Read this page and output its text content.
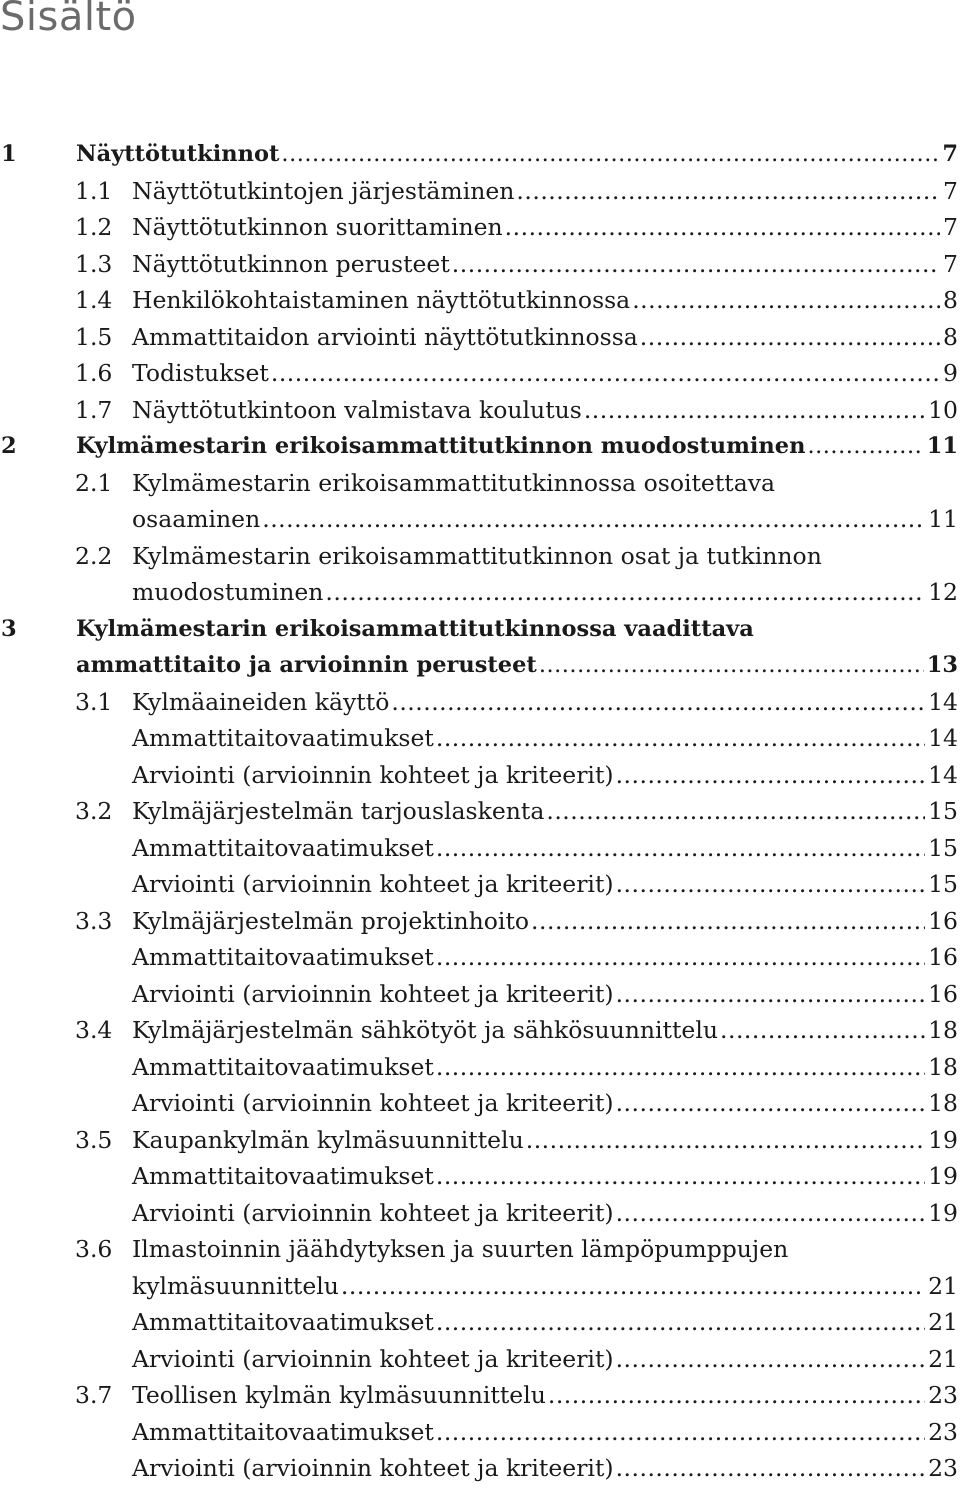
Sisältö
1	Näyttötutkinnot .....	7
1.1 Näyttötutkintojen järjestäminen .....	7
1.2 Näyttötutkinnon suorittaminen .....	7
1.3 Näyttötutkinnon perusteet .....	7
1.4 Henkilökohtaistaminen näyttötutkinnossa .....	8
1.5 Ammattitaidon arviointi näyttötutkinnossa .....	8
1.6 Todistukset .....	9
1.7 Näyttötutkintoon valmistava koulutus .....	10
2	Kylmämestarin erikoisammattitutkinnon muodostuminen .....	11
2.1 Kylmämestarin erikoisammattitutkinnossa osoitettava
osaaminen .....	11
2.2 Kylmämestarin erikoisammattitutkinnon osat ja tutkinnon
muodostuminen .....	12
3	Kylmämestarin erikoisammattitutkinnossa vaadittava
ammattitaito ja arvioinnin perusteet .....	13
3.1 Kylmäaineiden käyttö .....	14
Ammattitaitovaatimukset .....	14
Arviointi (arvioinnin kohteet ja kriteerit) .....	14
3.2 Kylmäjärjestelmän tarjouslaskenta .....	15
Ammattitaitovaatimukset .....	15
Arviointi (arvioinnin kohteet ja kriteerit) .....	15
3.3 Kylmäjärjestelmän projektinhoito .....	16
Ammattitaitovaatimukset .....	16
Arviointi (arvioinnin kohteet ja kriteerit) .....	16
3.4 Kylmäjärjestelmän sähkötyöt ja sähkösuunnittelu .....	18
Ammattitaitovaatimukset .....	18
Arviointi (arvioinnin kohteet ja kriteerit) .....	18
3.5 Kaupankylmän kylmäsuunnittelu .....	19
Ammattitaitovaatimukset .....	19
Arviointi (arvioinnin kohteet ja kriteerit) .....	19
3.6 Ilmastoinnin jäähdytyksen ja suurten lämpöpumppujen
kylmäsuunnittelu .....	21
Ammattitaitovaatimukset .....	21
Arviointi (arvioinnin kohteet ja kriteerit) .....	21
3.7 Teollisen kylmän kylmäsuunnittelu .....	23
Ammattitaitovaatimukset .....	23
Arviointi (arvioinnin kohteet ja kriteerit) .....	23
